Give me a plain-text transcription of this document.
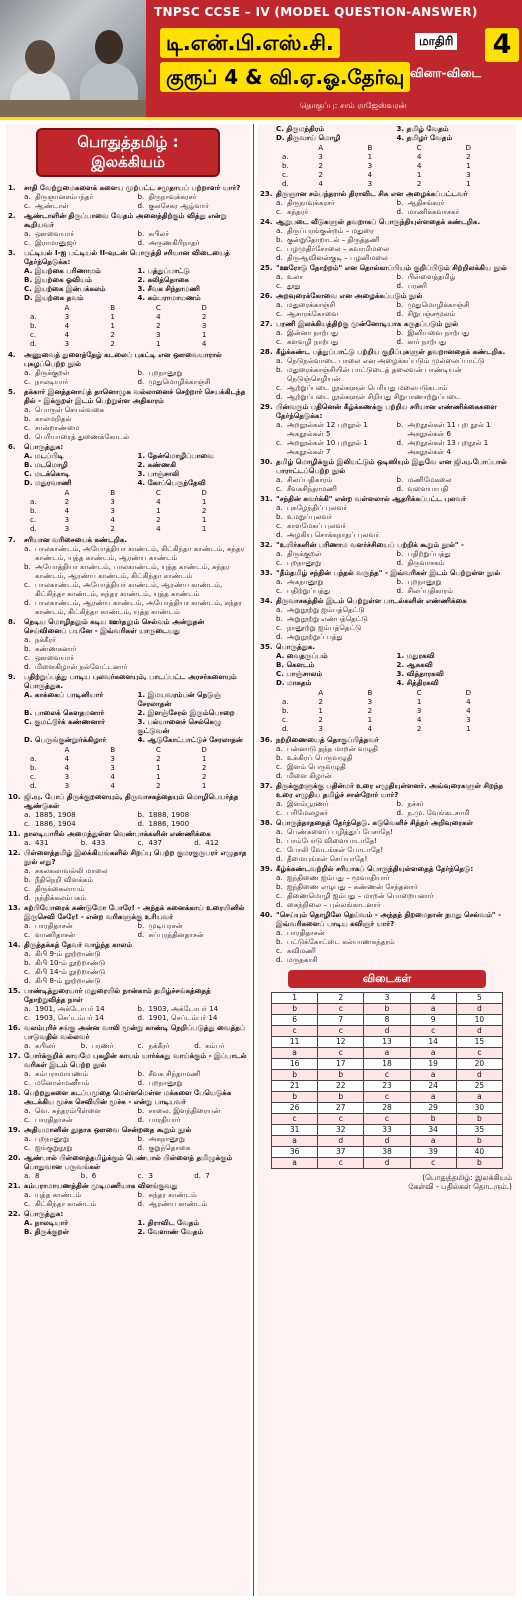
TNPSC CCSE – IV (MODEL QUESTION-ANSWER)
டி.என்.பி.எஸ்.சி.
குரூப் 4 & வி.ஏ.ஓ.தேர்வு
மாதிரி
வினா-விடை
4
தொகுப்பு: சாம் ராஜேஸ்வரன்
பொதுத்தமிழ் : இலக்கியம்
1.	சாதி வேற்றுமைகளைக் களைய முற்பட்ட சமுதாயப் பற்றாளர் யார்?
a. திருஞானசம்பந்தர்	b. திருநாவுக்கரசர்
c. ஆண்டாள்	d. குலசேகர ஆழ்வார்
2.	ஆண்டாளின் திருப்பாவை வேதம் அனைத்திற்கும் வித்து என்று கூறியவர்
a. ஔவையார்	b. கபிலர்
c. இராமானுஜர்	d. அருணகிரிநாதர்
3.	பட்டியல் I-ஐ பட்டியல் II-வுடன் பொருத்தி சரியான விடையைத் தேர்ந்தெடுக்க:
A. இயற்கை பரிணாமம்	1. பத்துப்பாட்டு
B. இயற்கை ஓவியம்	2. கலித்தொகை
C. இயற்கை இன்பக்கலம்	3. சீவக சிந்தாமணி
D. இயற்கை தவம்	4. கம்பராமாயணம்
A	B	C	D
a.	3	1	4	2
b.	4	1	2	3
c.	4	2	3	1
d.	3	2	1	4
4.	அணுவைத் துளைத்தேழ் கடலைப் புகட்டி என ஔவையாரால் புகழப்பெற்ற நூல்
a. திருக்குறள்	b. புறநானூறு
c. நாலடியார்	d. முதுமொழிக்காஞ்சி
5.	தக்கார் இனத்தனாய்த் தானொழுக வல்லானைச் செற்றார் செயக்கிடந்த தில் - இக்குறள் இடம் பெற்றுள்ள அதிகாரம்
a. பொருள் செயல்வகை
b. காலமறிதல்
c. சான்றாண்மை
d. பெரியாரைத் துணைக்கோடல்
6.	பொருத்துக:
A. மடப்பிடி	1. தேன்மொழிப்பாவை
B. மடமொழி	2. கண்ணகி
C. மடக்கொடி	3. பாஞ்சாலி
D. மதுரவாணி	4. கோப்பெருந்தேவி
A	B	C	D
a.	2	3	4	1
b.	4	3	1	2
c.	3	4	2	1
d.	3	2	4	1
7.	சரியான வரிசையைக் கண்டறிக.
a. பாலகாண்டம், அயோத்தியா காண்டம், கிட்கிந்தா காண்டம், சுந்தர காண்டம், யுத்த காண்டம், ஆரண்ய காண்டம்
b. அயோத்தியா காண்டம், பாலகாண்டம், யுத்த காண்டம், சுந்தர காண்டம், ஆரண்ய காண்டம், கிட்கிந்தா காண்டம்
c. பாலகாண்டம், அயோத்தியா காண்டம், ஆரண்ய காண்டம், கிட்கிந்தா காண்டம், சுந்தர காண்டம், யுத்த காண்டம்
d. பாலகாண்டம், ஆரண்ய காண்டம், அயோத்தியா காண்டம், சுந்தர காண்டம், கிட்கிந்தா காண்டம், யுத்த காண்டம்
8.	நெடிய மொழிதலும் கடிய ஊர்தலும் செல்வம் அன்றுதன் செய்வினைப் பயனே - இவ்வரிகள் யாருடையது
a. நக்கீரர்
b. கண்ணகனார்
c. ஔவையார்
d. மிளைகிழான் நல்வேட்டனார்
9.	பதிற்றுப்பத்து பாடிய புலவர்களையும், பாடப்பட்ட அரசர்களையும் பொருத்துக.
A. காக்கைப் பாடினியார்	1. இமயவரம்பன் நெடுஞ் சேரலாதன்
B. பாலைக் கௌதமனார்	2. இளஞ்சேரல் இரும்பொறை
C. குமட்டூர்க் கண்ணனார்	3. பல்யானைச் செல்கெழு குட்டுவன்
D. பெருங்குன்றூர்க்கிழார்	4. ஆடுகோட்பாட்டுச் சேரலாதன்
A	B	C	D
a.	4	3	2	1
b.	4	3	1	2
c.	3	4	1	2
d.	3	4	2	1
10. ஜி.யு. போப் திருக்குறளையும், திருவாசகத்தையும் மொழிபெயர்த்த ஆண்டுகள்
a. 1885, 1908	b. 1888, 1908
c. 1886, 1904	d. 1886, 1900
11. நாலடியாரில் அமைந்துள்ள வெண்பாக்களின் எண்ணிக்கை
a. 431	b. 433	c. 437	d. 412
12. பிள்ளைத்தமிழ் இலக்கியங்களில் சிறப்பு பெற்ற குமரகுருபரர் எழுதாத நூல் எது?
a. சகலகலாவல்லி மாலை
b. நீதிநெறி விளக்கம்
c. திருக்கைலாயம்
d. நந்திக்கலம்பகம்
13. கற்பியோரைக் கண்டுமோ போரே! - அந்தக் கனைக்காய் உரையினில் இருசெவி சேரே! - என்ற வரிகளுக்கு உரியவர்
a. பாரதிதாசன்	b. முடியரசன்
c. வாணிதாசன்	d. சுப்புரத்தினதாசன்
14. திருத்தக்கத் தேவர் வாழ்ந்த காலம்
a. கிபி 9-ம் நூற்றாண்டு
b. கிபி 10-ம் நூற்றாண்டு
c. கிபி 14-ம் நூற்றாண்டு
d. கிபி 8-ம் நூற்றாண்டு
15. பாண்டித்துரையார் மதுரையில் நான்காம் தமிழ்ச்சங்கத்தைத் தோற்றுவித்த நாள்
a. 1901, அக்டோபர் 14	b. 1903, அக்டோபர் 14
c. 1903, செப்டம்பர் 14	d. 1901, செப்டம்பர் 14
16. வலம்புரிச் சங்கு அன்ன வாலி மூன்று காண்டி நெறிப்படுத்து வைத்தப் பாடுவதில் வல்லவர்
a. கபிலர்	b. பரணர்	c. நக்கீரர்	d. கம்பர்
17. போர்க்குறிக் காயமே புகழின் காயம் யார்க்கது வாய்க்கும் - இப்பாடல் வரிகள் இடம் பெற்ற நூல்
a. கம்பராமாயணம்	b. சீவக சிந்தாமணி
c. மனோன்மணீயம்	d. புறநானூறு
18. பெற்றதுகளை கடப்பமுதை மெள்ளமெள்ள மக்களை பேயெடுக்க அடக்கிய மூச்சு செவியின் மூச்சு - என்று பாடியவர்
a. வெ. சுந்தரம்பிள்ளை	b. சாலை. இளந்திரையன்
c. பாரதிதாசன்	d. பாரதியார்
19. அதியமானின் தூதாக ஔவை சென்றதை கூறும் நூல்
a. புறநானூறு	b. அகநானூறு
c. ஐங்குறுநூறு	d. குறுந்தொகை
20. ஆண்பால் பிள்ளைத்தமிழ்க்கும் பெண்பால் பிள்ளைத் தமிழுக்கும் பொதுவான பருவங்கள்
a. 8	b. 6	c. 3	d. 7
21. கம்பராமாயணத்தின் முடிமணியாக விளங்குவது
a. யுத்த காண்டம்	b. சுந்தர காண்டம்
c. கிட்கிந்தா காண்டம்	d. ஆரண்ய காண்டம்
22. பொருத்துக:
A. நாலடியார்	1. திராவிட வேதம்
B. திருக்குறள்	2. வேளாண் வேதம்
C. திருமந்திரம்	3. தமிழ் வேதம்
D. திருவாய் மொழி	4. தமிழர் வேதம்
A	B	C	D
a.	3	1	4	2
b.	2	3	4	1
c.	2	4	1	3
d.	4	3	2	1
23. திருஞான சம்பந்தரால் திராவிட சிசு என அழைக்கப்பட்டவர்
a. திருநாவுக்கரசர்	b. ஆதிசங்கரர்
c. சுந்தரர்	d. மாணிக்கவாசகர்
24. ஆறுபடை வீடுகளுள் தவறாகப் பொருந்தியுள்ளதைக் கண்டறிக.
a. திருப்பரங்குன்றம் – மதுரை
b. குன்றுதோறாடல் – திருத்தணி
c. பழமுதிர்சோலை – சுவாமிமலை
d. திருஆவினன்குடி – பழனிமலை
25. "ஊரோடு தோற்றம்" என தொல்காப்பியம் குறிப்பிடும் சிற்றிலக்கிய நூல்
a. உலா	b. பிள்ளைத்தமிழ்
c. தூது	d. பரணி
26. அறவுரைக்கோவை என அழைக்கப்படும் நூல்
a. மதுரைக்காஞ்சி	b. முதுமொழிக்காஞ்சி
c. ஆசாரக்கோவை	d. சிறுபஞ்சமூலம்
27. பரணி இலக்கியத்திற்கு முன்னோடியாக கருதப்படும் நூல்
a. இன்னா நாற்பது	b. இனியவை நாற்பது
c. களவழி நாற்பது	d. கார் நாற்பது
28. கீழ்க்கண்ட பத்துப்பாட்டு பற்றிய குறிப்புகளுள் தவறானதைக் கண்டறிக.
a. நெடுநல்வாடை பாலை என அழைக்கப்படும் முல்லைப்பாட்டு
b. மதுரைக்காஞ்சியின் பாட்டுடைத் தலைவன் பாண்டியன் நெடுஞ்செழியன்
c. ஆற்றுப்படை நூல்களுள் பெரியது மலைபடுகடாம்
d. ஆற்றுப்படை நூல்களுள் சிறியது சிறுபாணாற்றுப்படை
29. பின்வரும் பதினென் கீழ்க்கணக்கு பற்றிய சரியான எண்ணிக்கைகளை தேர்ந்தெடுக்க:
a. அறநூல்கள் 12 புறநூல் 1 அகநூல்கள் 5
b. அறநூல்கள் 11 புற நூல் 1 அகநூல்கள் 6
c. அறநூல்கள் 10 புறநூல் 1 அகநூல்கள் 7
d. அறநூல்கள் 13 புறநூல் 1 அகநூல்கள் 4
30. தமிழ் மொழிக்கும் இலியட்டும் ஒடிஸியும் இதுவே என ஜி.யு.போப்பால் பாராட்டப்பெற்ற நூல்
a. சிலப்பதிகாரம்	b. மணிமேகலை
c. சீவகசிந்தாமணி	d. வளையாபதி
31. "சந்தின் சுவர்க்கி" என்ற வள்ளலால் ஆதரிக்கப்பட்ட புலவர்
a. புகழேந்திப் புலவர்
b. உமறுப்புலவர்
c. காளமேகப் புலவர்
d. அழகிய சொக்கநாதப் புலவர்
32. "உயிர்களின் பரிணாம வளர்ச்சியைப் பற்றிக் கூறும் நூல்" -
a. திருக்குறள்	b. பதிற்றுப்பத்து
c. புறநானூறு	d. திருவாசகம்
33. "தீம்தமிழ் சந்தின் பந்தல் வருந்த" - இவ்வரிகள் இடம் பெற்றுள்ள நூல்
a. அகநானூறு	b. புறநானூறு
c. பதிற்றுப்பத்து	d. சிலப்பதிகாரம்
34. திருவாசகத்தில் இடம் பெற்றுள்ள பாடல்களின் எண்ணிக்கை
a. அறுநூற்று ஐம்பத்தெட்டு
b. அறுநூற்று எண்பத்தெட்டு
c. நானூற்று ஐம்பத்தெட்டு
d. அறுநூற்றுப் பத்து
35. பொருத்துக.
A. வைதருப்பம்	1. மதுரகவி
B. கௌடம்	2. ஆசுகவி
C. பாஞ்சாலம்	3. வித்தாரகவி
D. மாகதம்	4. சித்திரகவி
A	B	C	D
a.	2	3	1	4
b.	1	2	3	4
c.	2	1	4	3
d.	3	4	2	1
36. நற்றிணையைத் தொகுப்பித்தவர்
a. பன்னாடு தந்த மாறன் வழுதி
b. உக்கிரப் பெருவழுதி
c. இளம் பெருவழுதி
d. மிளை கிழான்
37. திருக்குறளுக்கு பதின்மர் உரை எழுதியுள்ளனர். அவ்வுரைகளுள் சிறந்த உரை எழுதிய தமிழ்ச் சான்றோர் யார்?
a. இளம்பூரணர்	b. நச்சர்
c. பரிமேலழகர்	d. ந.மு. வேங்கடசாமி
38. பொருந்தாததைத் தேர்ந்தெடு. கடுவெளிச் சித்தர் அறிவுரைகள்
a. பெண்களைப் பழித்துப் பேசாதே!
b. பாம்போடு விளையாடாதே!
c. போலி வேடங்கள் போடாதே!
d. தீமையுங்கள் செய்யாதே!
39. கீழ்க்கண்டவற்றில் சரியாகப் பொருந்தியுள்ளதைத் தேர்ந்தெடு:
a. ஐந்திணை ஐம்பது – மூவாதியார்
b. ஐந்திணை எழுபது – கண்ணன் சேந்தனார்
c. திணைமொழி ஐம்பது – மாறன் பொறையனார்
d. கைந்நிலை – புல்லங்காடனார்
40. "செய்யும் தொழிலே தெய்வம் - அந்தத் திறமைதான் நமது செல்வம்" - இவ்வரிகளைப் பாடிய கவிஞர் யார்?
a. பாரதிதாசன்
b. பட்டுக்கோட்டை கல்யாணசுந்தரம்
c. கவிமணி
d. மருதகாசி
விடைகள்
1	2	3	4	5
b	c	b	a	d
6	7	8	9	10
c	c	d	c	d
11	12	13	14	15
a	c	a	a	c
16	17	18	19	20
b	b	c	a	d
21	22	23	24	25
b	b	c	a	a
26	27	28	29	30
c	c	c	b	b
31	32	33	34	35
a	d	d	a	b
36	37	38	39	40
a	c	d	c	b
(பொதுத்தமிழ்: இலக்கியம்
கேள்வி - பதில்கள் தொடரும்.)
